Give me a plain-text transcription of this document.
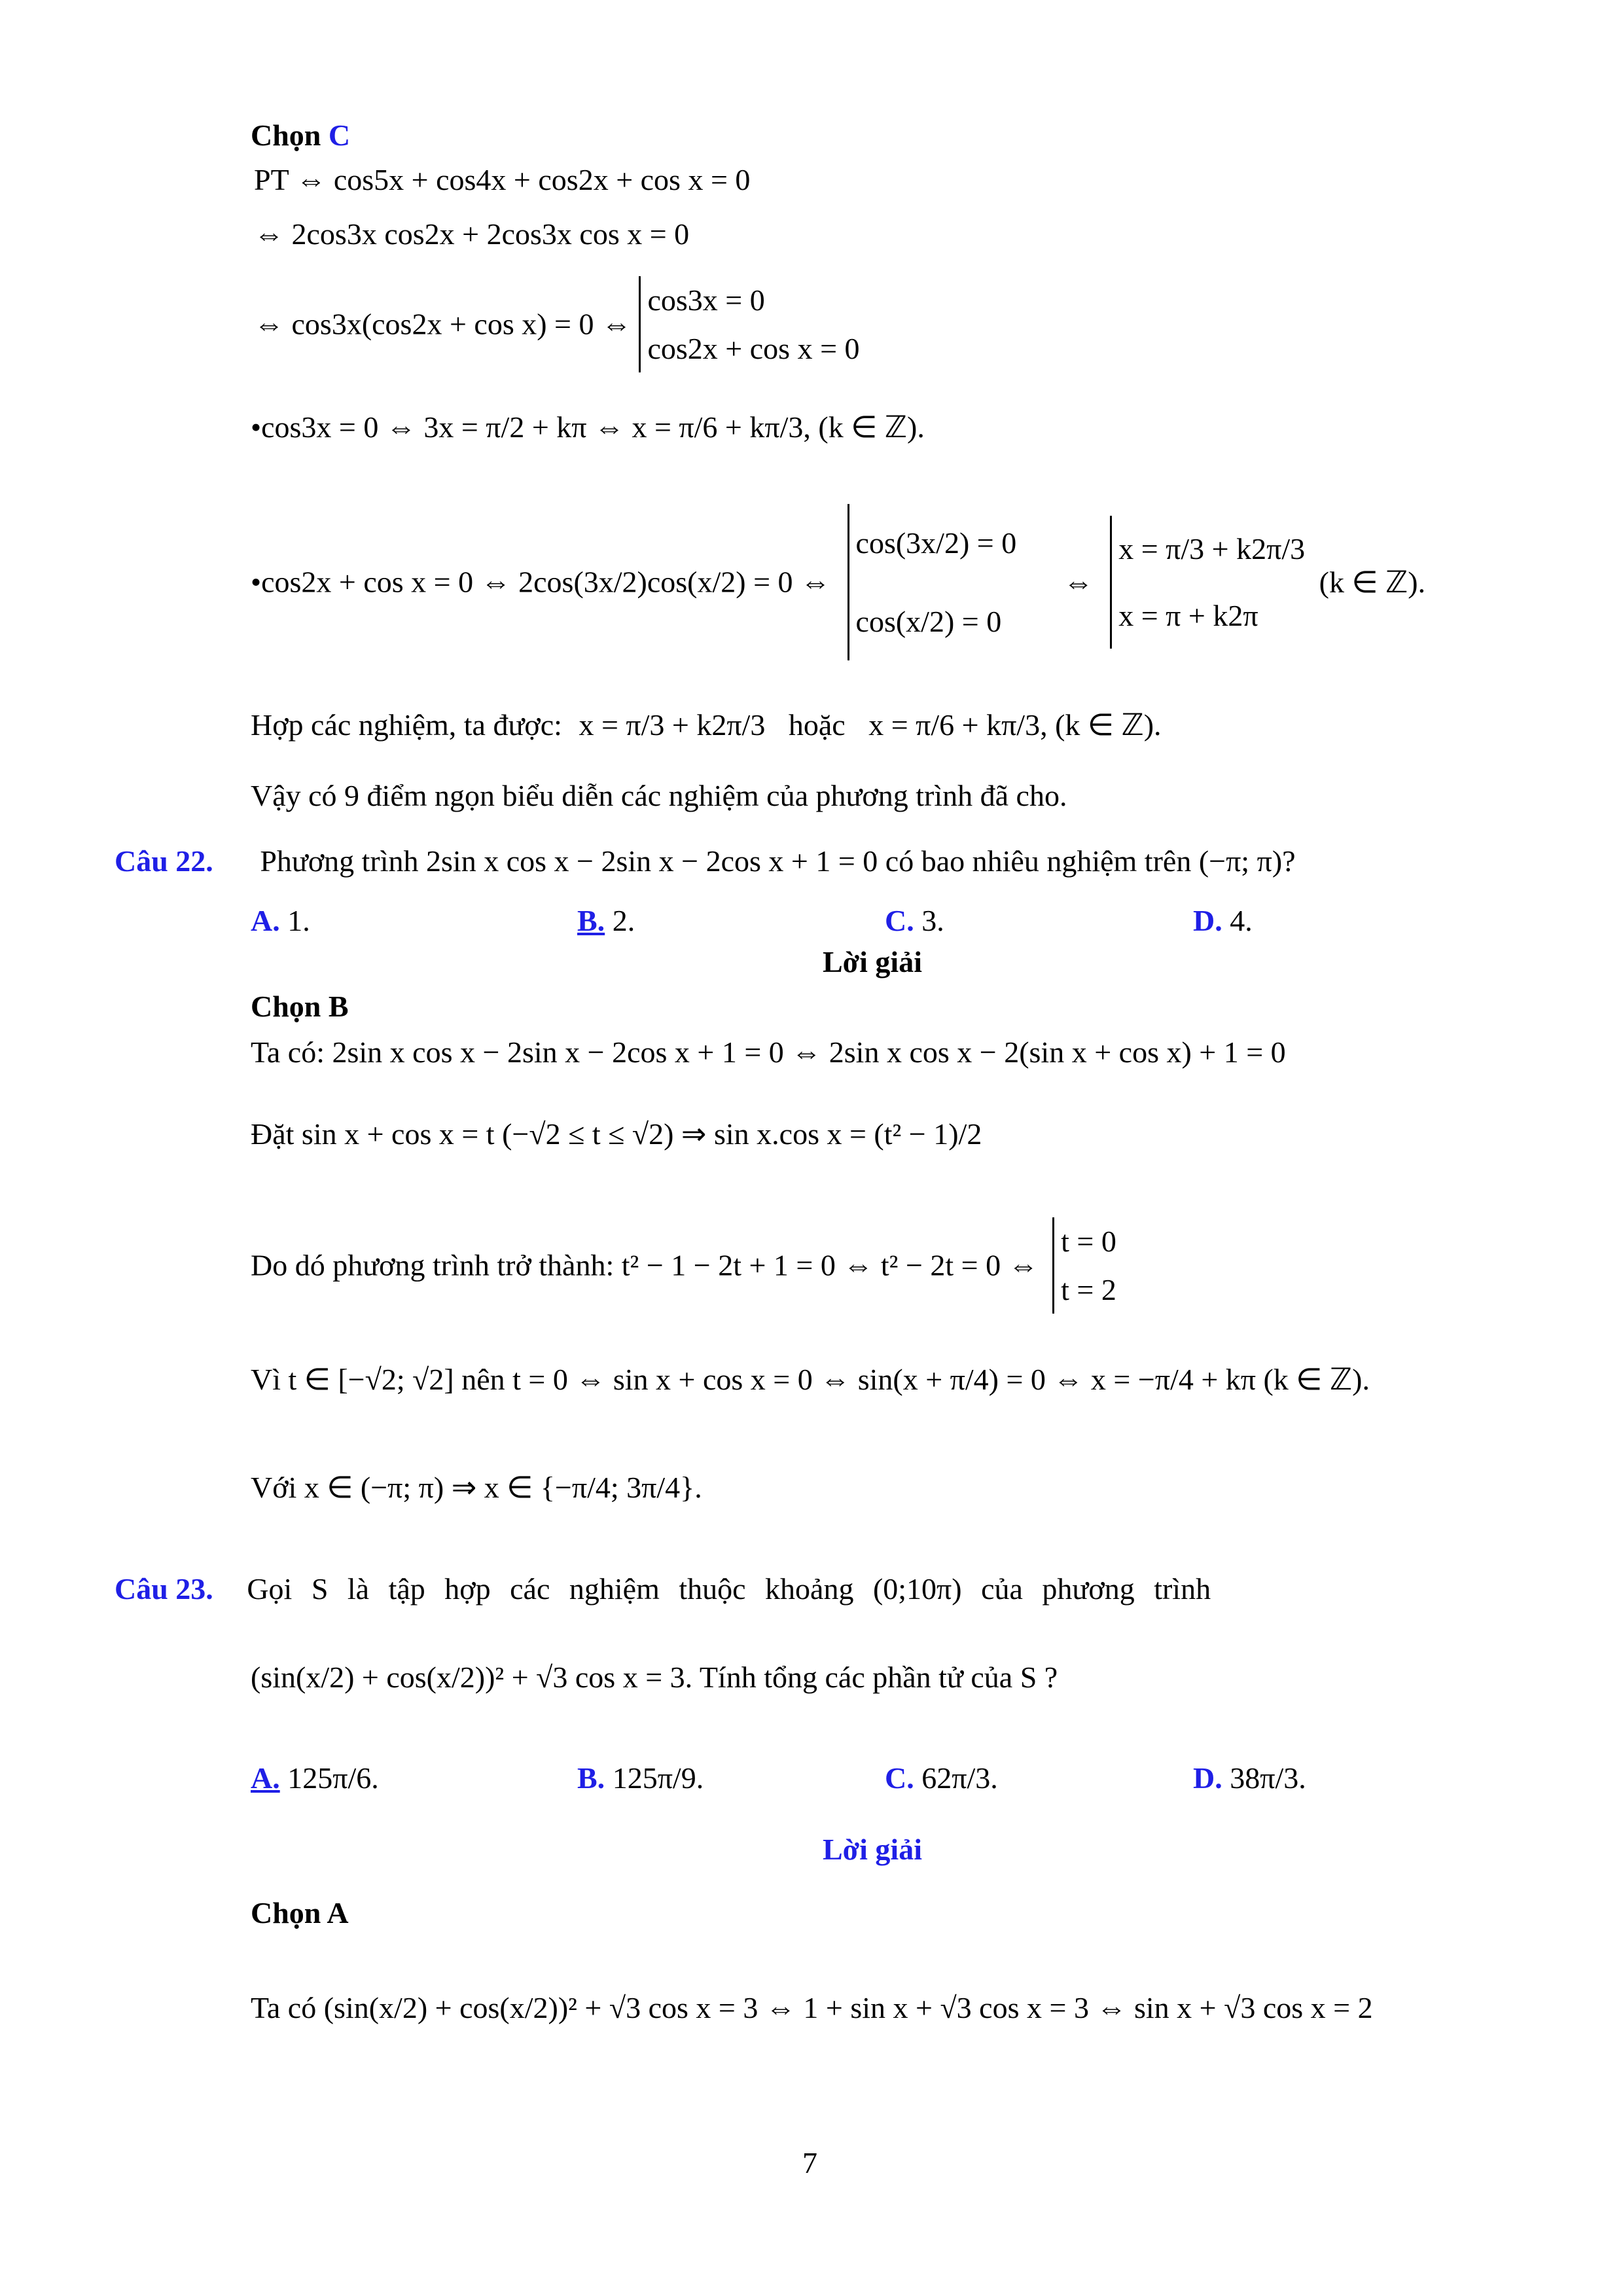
Chọn C
PT ⇔ cos5x + cos4x + cos2x + cos x = 0
⇔ 2cos3x cos2x + 2cos3x cos x = 0
⇔ cos3x(cos2x + cos x) = 0 ⇔
cos3x = 0
cos2x + cos x = 0
•cos3x = 0 ⇔ 3x = π/2 + kπ ⇔ x = π/6 + kπ/3, (k ∈ ℤ).
•cos2x + cos x = 0 ⇔ 2cos(3x/2)cos(x/2) = 0 ⇔
cos(3x/2) = 0
cos(x/2) = 0
⇔
x = π/3 + k2π/3
x = π + k2π
(k ∈ ℤ).
Hợp các nghiệm, ta được: x = π/3 + k2π/3 hoặc x = π/6 + kπ/3, (k ∈ ℤ).
Vậy có 9 điểm ngọn biểu diễn các nghiệm của phương trình đã cho.
Câu 22. Phương trình 2sin x cos x − 2sin x − 2cos x + 1 = 0 có bao nhiêu nghiệm trên (−π; π)?
A. 1.	B. 2.	C. 3.	D. 4.
Lời giải
Chọn B
Ta có: 2sin x cos x − 2sin x − 2cos x + 1 = 0 ⇔ 2sin x cos x − 2(sin x + cos x) + 1 = 0
Đặt sin x + cos x = t (−√2 ≤ t ≤ √2) ⇒ sin x.cos x = (t² − 1)/2
Do dó phương trình trở thành: t² − 1 − 2t + 1 = 0 ⇔ t² − 2t = 0 ⇔
t = 0
t = 2
Vì t ∈ [−√2; √2] nên t = 0 ⇔ sin x + cos x = 0 ⇔ sin(x + π/4) = 0 ⇔ x = −π/4 + kπ (k ∈ ℤ).
Với x ∈ (−π; π) ⇒ x ∈ {−π/4; 3π/4}.
Câu 23. Gọi S là tập hợp các nghiệm thuộc khoảng (0;10π) của phương trình
(sin(x/2) + cos(x/2))² + √3 cos x = 3. Tính tổng các phần tử của S ?
A. 125π/6.	B. 125π/9.	C. 62π/3.	D. 38π/3.
Lời giải
Chọn A
Ta có (sin(x/2) + cos(x/2))² + √3 cos x = 3 ⇔ 1 + sin x + √3 cos x = 3 ⇔ sin x + √3 cos x = 2
7
